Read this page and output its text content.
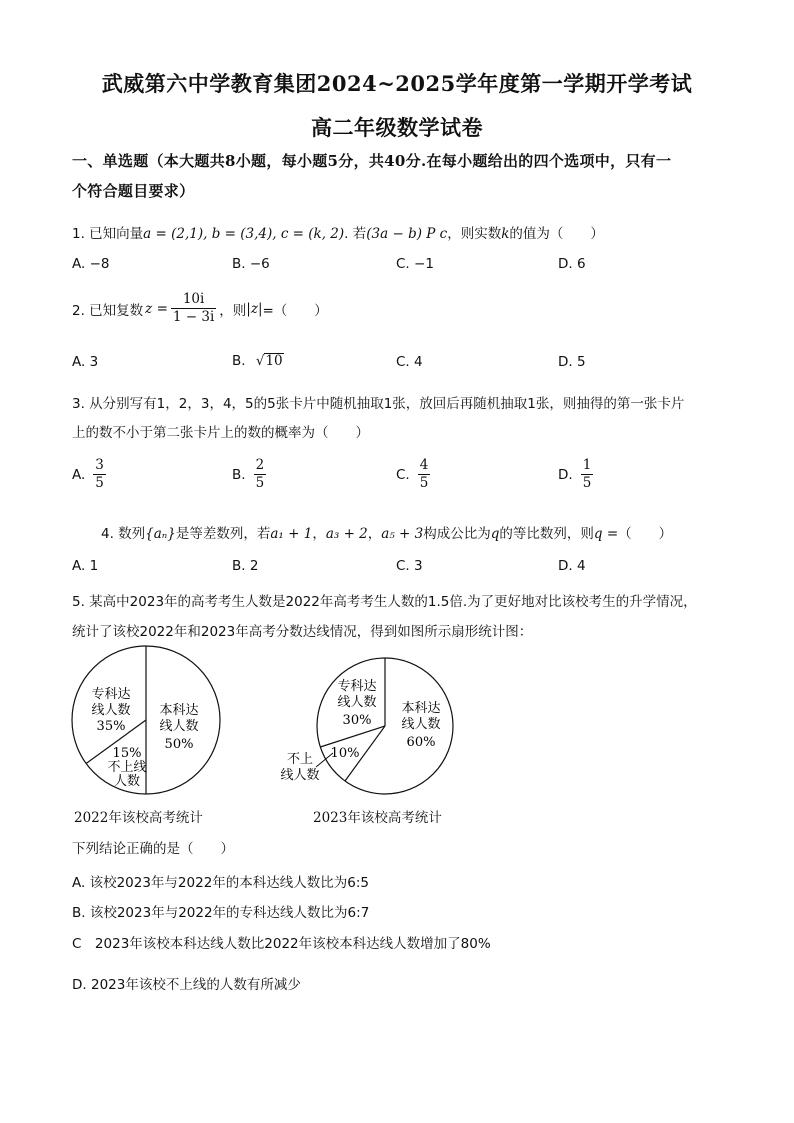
武威第六中学教育集团2024~2025学年度第一学期开学考试
高二年级数学试卷
一、单选题（本大题共8小题，每小题5分，共40分.在每小题给出的四个选项中，只有一
个符合题目要求）
1. 已知向量a = (2,1), b = (3,4), c = (k, 2). 若(3a − b) P c，则实数k的值为（　　）
A. −8	B. −6	C. −1	D. 6
2. 已知复数 $z = \frac{10i}{1 - 3i}$ ，则 |z| =（　　）
A. 3	B. √10	C. 4	D. 5
3. 从分别写有1，2，3，4，5的5张卡片中随机抽取1张，放回后再随机抽取1张，则抽得的第一张卡片
上的数不小于第二张卡片上的数的概率为（　　）
A. $\frac{3}{5}$	B. $\frac{2}{5}$	C. $\frac{4}{5}$	D. $\frac{1}{5}$
4. 数列{aₙ}是等差数列，若a₁ + 1，a₃ + 2，a₅ + 3构成公比为q的等比数列，则q =（　　）
A. 1	B. 2	C. 3	D. 4
5. 某高中2023年的高考考生人数是2022年高考考生人数的1.5倍.为了更好地对比该校考生的升学情况，
统计了该校2022年和2023年高考分数达线情况，得到如图所示扇形统计图：
专科达线人数 35%
本科达线人数 50%
15%不上线人数
专科达线人数 30%
本科达线人数 60%
10%
不上线人数
2022年该校高考统计	2023年该校高考统计
下列结论正确的是（　　）
A. 该校2023年与2022年的本科达线人数比为6:5
B. 该校2023年与2022年的专科达线人数比为6:7
C　2023年该校本科达线人数比2022年该校本科达线人数增加了80%
D. 2023年该校不上线的人数有所减少
